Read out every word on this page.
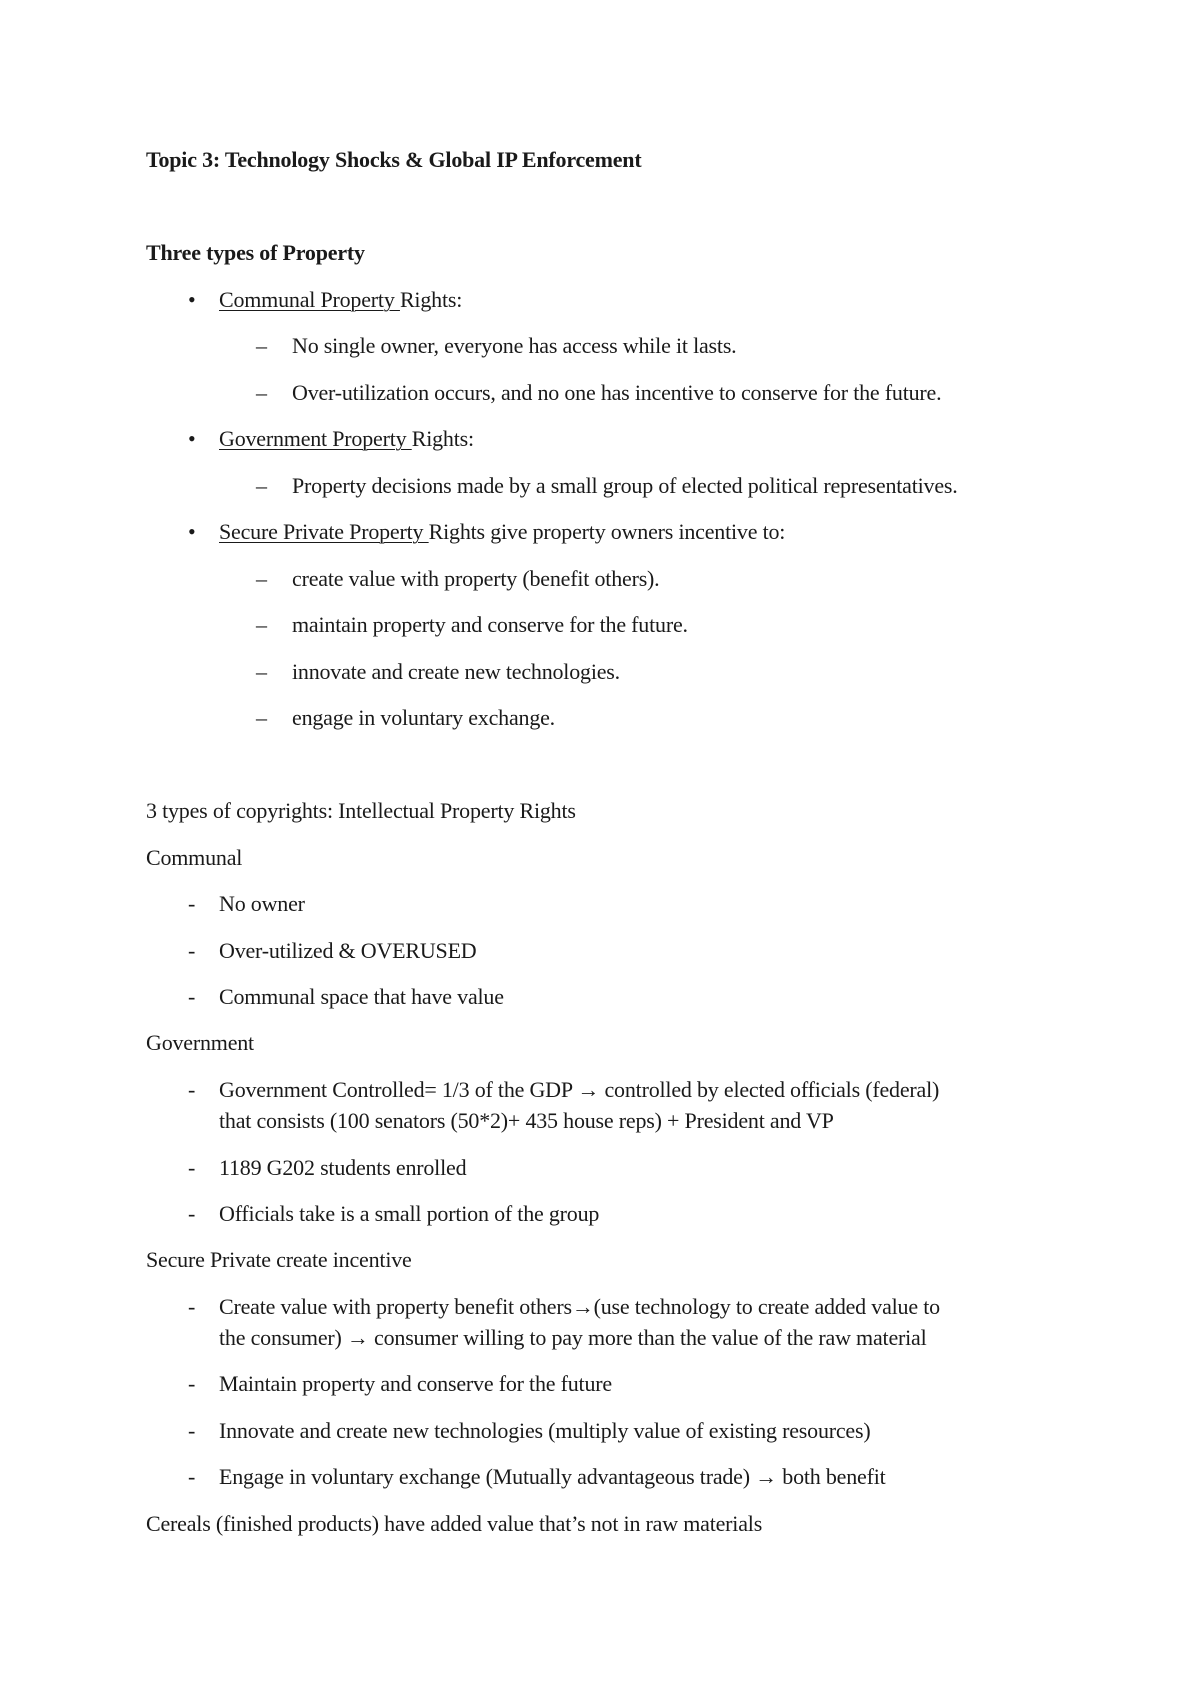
Topic 3: Technology Shocks & Global IP Enforcement
Three types of Property
• Communal Property Rights:
– No single owner, everyone has access while it lasts.
– Over-utilization occurs, and no one has incentive to conserve for the future.
• Government Property Rights:
– Property decisions made by a small group of elected political representatives.
• Secure Private Property Rights give property owners incentive to:
– create value with property (benefit others).
– maintain property and conserve for the future.
– innovate and create new technologies.
– engage in voluntary exchange.
3 types of copyrights: Intellectual Property Rights
Communal
- No owner
- Over-utilized & OVERUSED
- Communal space that have value
Government
- Government Controlled= 1/3 of the GDP → controlled by elected officials (federal)
that consists (100 senators (50*2)+ 435 house reps) + President and VP
- 1189 G202 students enrolled
- Officials take is a small portion of the group
Secure Private create incentive
- Create value with property benefit others→(use technology to create added value to
the consumer) → consumer willing to pay more than the value of the raw material
- Maintain property and conserve for the future
- Innovate and create new technologies (multiply value of existing resources)
- Engage in voluntary exchange (Mutually advantageous trade) → both benefit
Cereals (finished products) have added value that’s not in raw materials
